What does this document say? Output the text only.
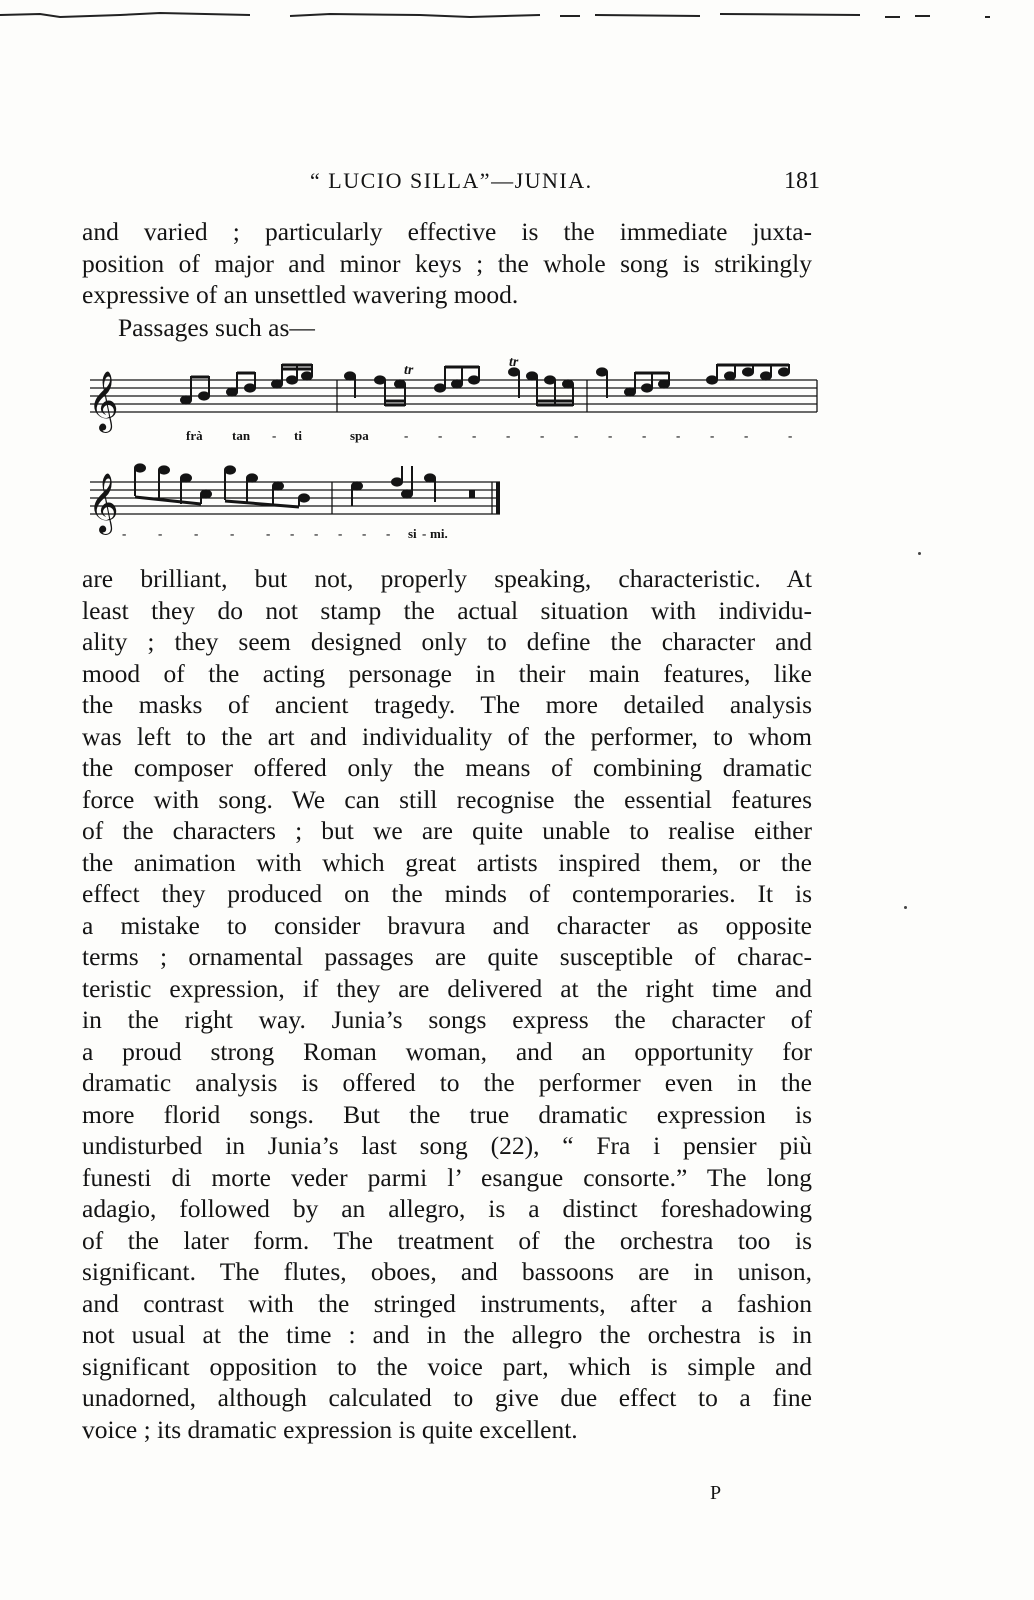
“ LUCIO SILLA”—JUNIA.	181
and varied ; particularly effective is the immediate juxta-
position of major and minor keys ; the whole song is strikingly
expressive of an unsettled wavering mood.
Passages such as—
𝄞
tr
tr
frà tan - ti	spa	- - - - - - - - - - -	-
𝄞
- - - - - - - - - - si - mi.
are brilliant, but not, properly speaking, characteristic. At
least they do not stamp the actual situation with individu-
ality ; they seem designed only to define the character and
mood of the acting personage in their main features, like
the masks of ancient tragedy. The more detailed analysis
was left to the art and individuality of the performer, to whom
the composer offered only the means of combining dramatic
force with song. We can still recognise the essential features
of the characters ; but we are quite unable to realise either
the animation with which great artists inspired them, or the
effect they produced on the minds of contemporaries. It is
a mistake to consider bravura and character as opposite
terms ; ornamental passages are quite susceptible of charac-
teristic expression, if they are delivered at the right time and
in the right way. Junia’s songs express the character of
a proud strong Roman woman, and an opportunity for
dramatic analysis is offered to the performer even in the
more florid songs. But the true dramatic expression is
undisturbed in Junia’s last song (22), “ Fra i pensier più
funesti di morte veder parmi l’ esangue consorte.” The long
adagio, followed by an allegro, is a distinct foreshadowing
of the later form. The treatment of the orchestra too is
significant. The flutes, oboes, and bassoons are in unison,
and contrast with the stringed instruments, after a fashion
not usual at the time : and in the allegro the orchestra is in
significant opposition to the voice part, which is simple and
unadorned, although calculated to give due effect to a fine
voice ; its dramatic expression is quite excellent.
P
